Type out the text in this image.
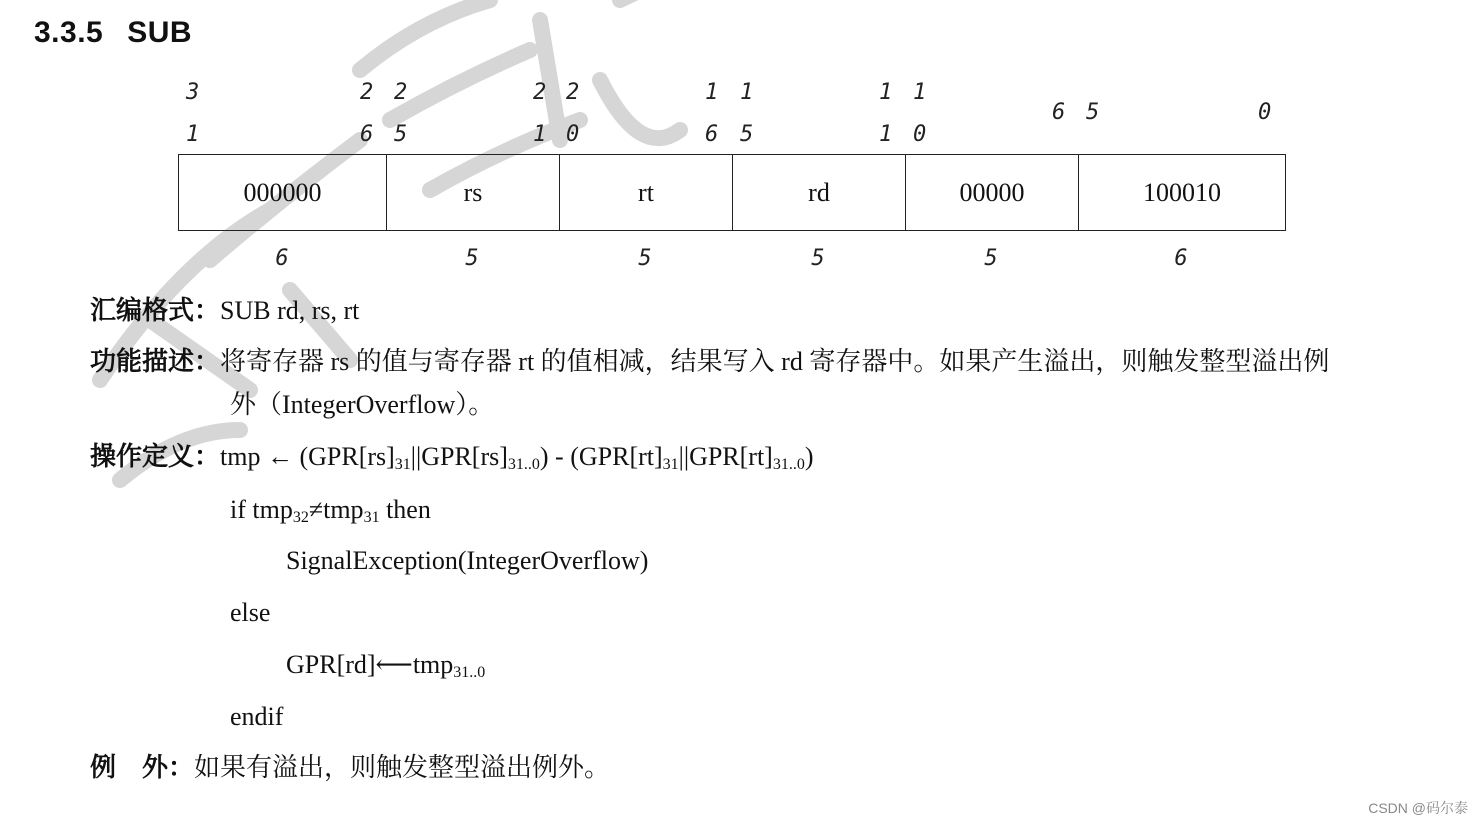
3.3.5 SUB
3	2 2	2 2	1 1	1 1
6 5	0
1	6 5	1 0	6 5	1 0
000000	rs	rt	rd	00000	100010
6	5	5	5	5	6
汇编格式：SUB rd, rs, rt
功能描述：将寄存器 rs 的值与寄存器 rt 的值相减，结果写入 rd 寄存器中。如果产生溢出，则触发整型溢出例
外（IntegerOverflow）。
操作定义：tmp ← $(GPR[rs]_{31}||GPR[rs]_{31..0}) - (GPR[rt]_{31}||GPR[rt]_{31..0})$
if tmp$_{32}$≠tmp$_{31}$ then
SignalException(IntegerOverflow)
else
GPR[rd]⟵tmp$_{31..0}$
endif
例　外：如果有溢出，则触发整型溢出例外。
CSDN @码尔泰
